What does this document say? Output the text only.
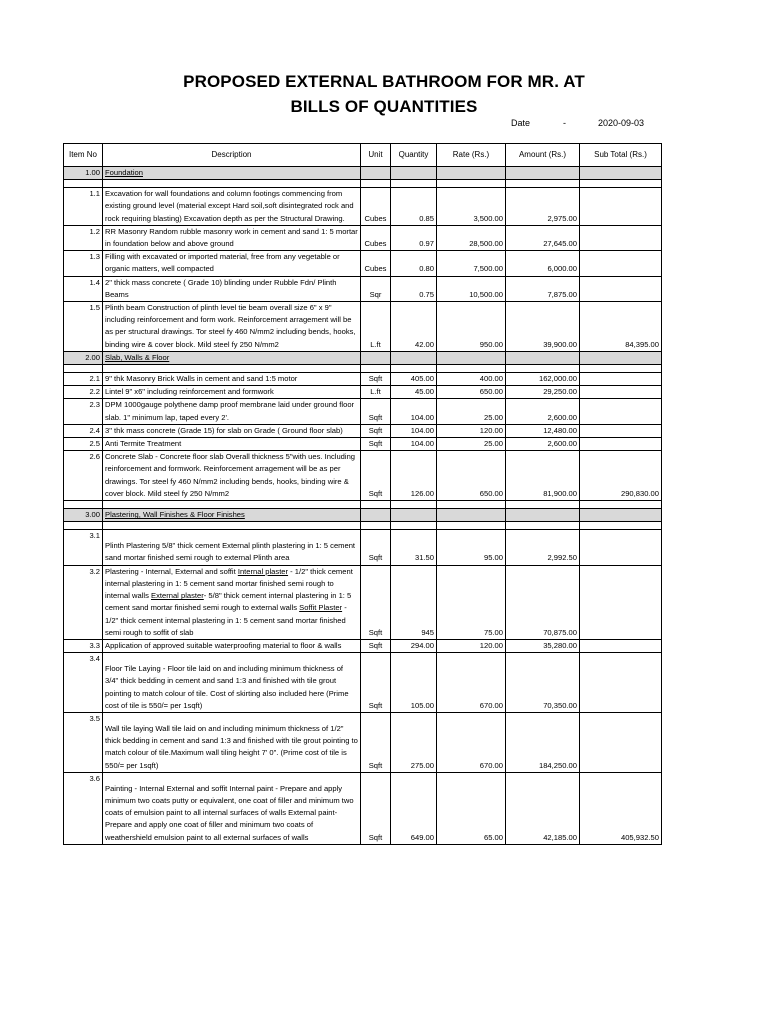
PROPOSED EXTERNAL BATHROOM FOR MR. AT
BILLS OF QUANTITIES
Date	-	2020-09-03
Item No	Description	Unit	Quantity	Rate (Rs.)	Amount (Rs.)	Sub Total (Rs.)
1.00	Foundation					

1.1	Excavation for wall foundations and column footings commencing from existing ground level (material except Hard soil,soft disintegrated rock and rock requiring blasting) Excavation depth as per the Structural Drawing.	Cubes	0.85	3,500.00	2,975.00	
1.2	RR Masonry Random rubble masonry work in cement and sand 1: 5 mortar in foundation below and above ground	Cubes	0.97	28,500.00	27,645.00	
1.3	Filling with excavated or imported material, free from any vegetable or organic matters, well compacted	Cubes	0.80	7,500.00	6,000.00	
1.4	2" thick mass concrete ( Grade 10) blinding under Rubble Fdn/ Plinth Beams	Sqr	0.75	10,500.00	7,875.00	
1.5	Plinth beam Construction of plinth level tie beam overall size 6" x 9" including reinforcement and form work. Reinforcement arragement will be as per structural drawings. Tor steel fy 460 N/mm2 including bends, hooks, binding wire & cover block. Mild steel fy 250 N/mm2	L.ft	42.00	950.00	39,900.00	84,395.00
2.00	Slab, Walls & Floor					

2.1	9" thk Masonry Brick Walls in cement and sand 1:5 motor	Sqft	405.00	400.00	162,000.00	
2.2	Lintel 9" x6" including reinforcement and formwork	L.ft	45.00	650.00	29,250.00	
2.3	DPM 1000gauge polythene damp proof membrane laid under ground floor slab. 1" minimum lap, taped every 2'.	Sqft	104.00	25.00	2,600.00	
2.4	3" thk mass concrete (Grade 15) for slab on Grade ( Ground floor slab)	Sqft	104.00	120.00	12,480.00	
2.5	Anti Termite Treatment	Sqft	104.00	25.00	2,600.00	
2.6	Concrete Slab - Concrete floor slab Overall thickness 5"with ues. Including reinforcement and formwork. Reinforcement arragement will be as per drawings. Tor steel fy 460 N/mm2 including bends, hooks, binding wire & cover block. Mild steel fy 250 N/mm2	Sqft	126.00	650.00	81,900.00	290,830.00

3.00	Plastering, Wall Finishes & Floor Finishes					

3.1	Plinth Plastering 5/8" thick cement External plinth plastering in 1: 5 cement sand mortar finished semi rough to external Plinth area	Sqft	31.50	95.00	2,992.50	
3.2	Plastering - Internal, External and soffit Internal plaster - 1/2" thick cement internal plastering in 1: 5 cement sand mortar finished semi rough to internal walls External plaster- 5/8" thick cement internal plastering in 1: 5 cement sand mortar finished semi rough to external walls Soffit Plaster - 1/2" thick cement internal plastering in 1: 5 cement sand mortar finished semi rough to soffit of slab	Sqft	945	75.00	70,875.00	
3.3	Application of approved suitable waterproofing material to floor & walls	Sqft	294.00	120.00	35,280.00	
3.4	Floor Tile Laying - Floor tile laid on and including minimum thickness of 3/4" thick bedding in cement and sand 1:3 and finished with tile grout pointing to match colour of tile. Cost of skirting also included here (Prime cost of tile is 550/= per 1sqft)	Sqft	105.00	670.00	70,350.00	
3.5	Wall tile laying Wall tile laid on and including minimum thickness of 1/2" thick bedding in cement and sand 1:3 and finished with tile grout pointing to match colour of tile.Maximum wall tiling height 7' 0". (Prime cost of tile is 550/= per 1sqft)	Sqft	275.00	670.00	184,250.00	
3.6	Painting - Internal External and soffit Internal paint - Prepare and apply minimum two coats putty or equivalent, one coat of filler and minimum two coats of emulsion paint to all internal surfaces of walls External paint- Prepare and apply one coat of filler and minimum two coats of weathershield emulsion paint to all external surfaces of walls	Sqft	649.00	65.00	42,185.00	405,932.50
